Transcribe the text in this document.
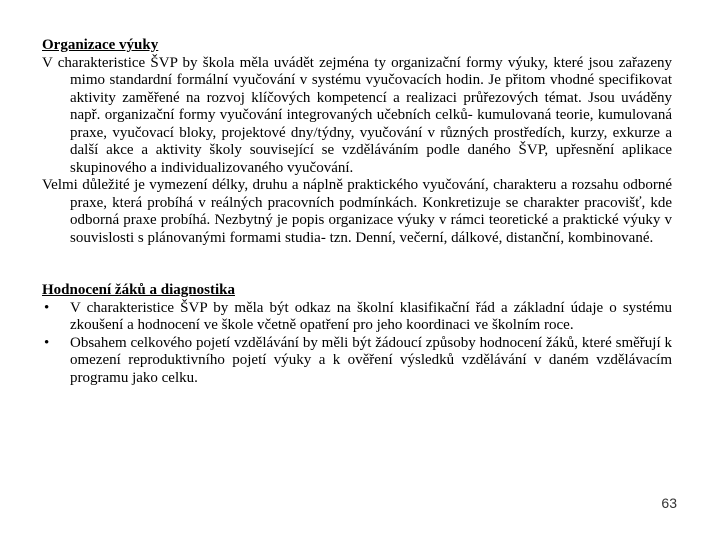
Organizace výuky

V charakteristice ŠVP by škola měla uvádět zejména ty organizační formy výuky, které jsou zařazeny mimo standardní formální vyučování v systému vyučovacích hodin. Je přitom vhodné specifikovat aktivity zaměřené na rozvoj klíčových kompetencí a realizaci průřezových témat. Jsou uváděny např. organizační formy vyučování integrovaných učebních celků- kumulovaná teorie, kumulovaná praxe, vyučovací bloky, projektové dny/týdny, vyučování v různých prostředích, kurzy, exkurze a další akce a aktivity školy související se vzděláváním podle daného ŠVP, upřesnění aplikace skupinového a individualizovaného vyučování.

Velmi důležité je vymezení délky, druhu a náplně praktického vyučování, charakteru a rozsahu odborné praxe, která probíhá v reálných pracovních podmínkách. Konkretizuje se charakter pracovišť, kde odborná praxe probíhá. Nezbytný je popis organizace výuky v rámci teoretické a praktické výuky v souvislosti s plánovanými formami studia- tzn. Denní, večerní, dálkové, distanční, kombinované.

Hodnocení žáků a diagnostika

•	V charakteristice ŠVP by měla být odkaz na školní klasifikační řád a základní údaje o systému zkoušení a hodnocení ve škole včetně opatření pro jeho koordinaci ve školním roce.
•	Obsahem celkového pojetí vzdělávání by měli být žádoucí způsoby hodnocení žáků, které směřují k omezení reproduktivního pojetí výuky a k ověření výsledků vzdělávání v daném vzdělávacím programu jako celku.
63
